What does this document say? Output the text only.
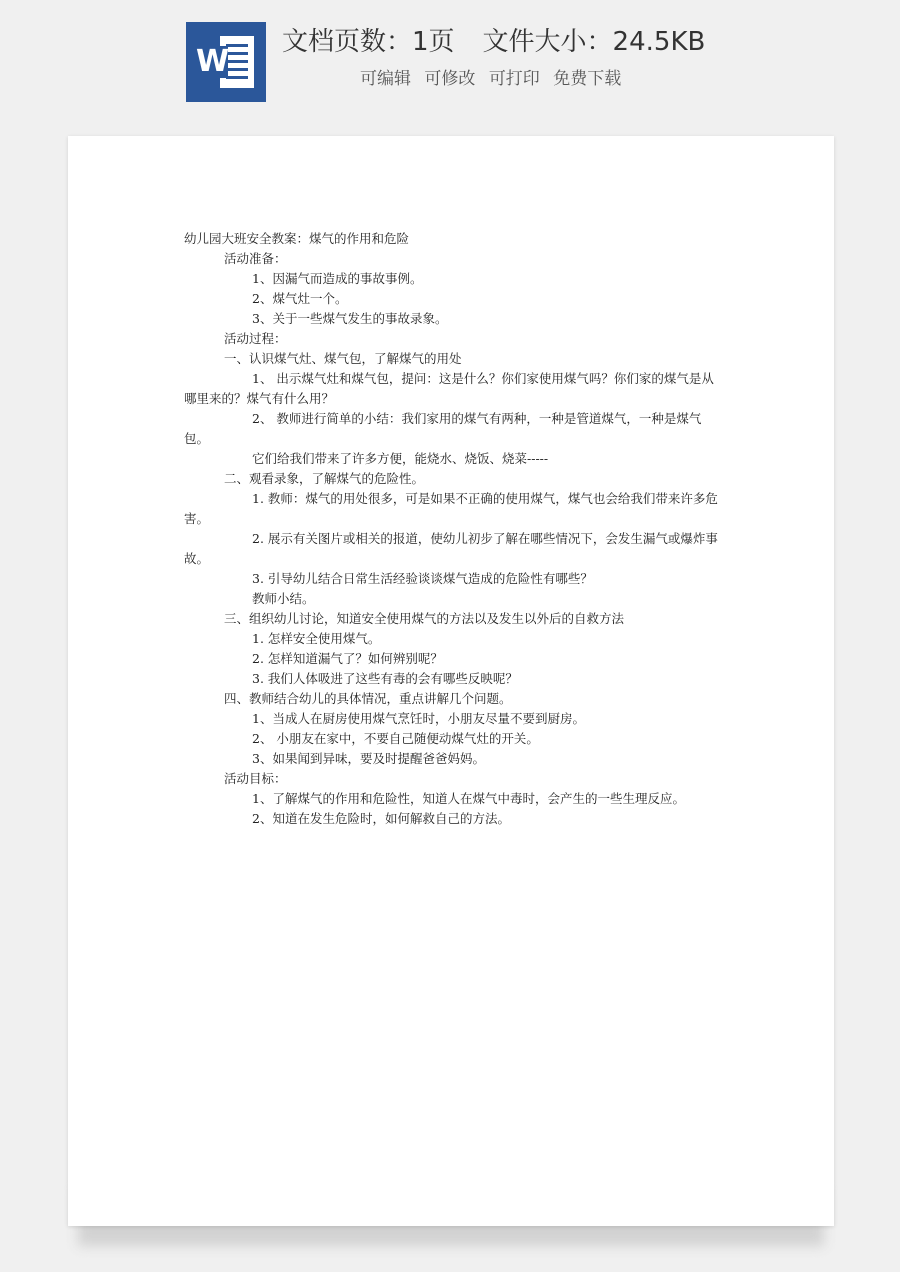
W
文档页数：1页 文件大小：24.5KB
可编辑 可修改 可打印 免费下载

幼儿园大班安全教案：煤气的作用和危险

活动准备：

1、因漏气而造成的事故事例。

2、煤气灶一个。

3、关于一些煤气发生的事故录象。

活动过程：

一、认识煤气灶、煤气包，了解煤气的用处

1、 出示煤气灶和煤气包，提问：这是什么？你们家使用煤气吗？你们家的煤气是从哪里来的？煤气有什么用？

2、 教师进行简单的小结：我们家用的煤气有两种，一种是管道煤气，一种是煤气包。

它们给我们带来了许多方便，能烧水、烧饭、烧菜-----

二、观看录象，了解煤气的危险性。

1. 教师：煤气的用处很多，可是如果不正确的使用煤气，煤气也会给我们带来许多危害。

2. 展示有关图片或相关的报道，使幼儿初步了解在哪些情况下，会发生漏气或爆炸事故。

3. 引导幼儿结合日常生活经验谈谈煤气造成的危险性有哪些？

教师小结。

三、组织幼儿讨论，知道安全使用煤气的方法以及发生以外后的自救方法

1. 怎样安全使用煤气。

2. 怎样知道漏气了？如何辨别呢？

3. 我们人体吸进了这些有毒的会有哪些反映呢？

四、教师结合幼儿的具体情况，重点讲解几个问题。

1、当成人在厨房使用煤气烹饪时，小朋友尽量不要到厨房。

2、 小朋友在家中，不要自己随便动煤气灶的开关。

3、如果闻到异味，要及时提醒爸爸妈妈。

活动目标：

1、了解煤气的作用和危险性，知道人在煤气中毒时，会产生的一些生理反应。

2、知道在发生危险时，如何解救自己的方法。
